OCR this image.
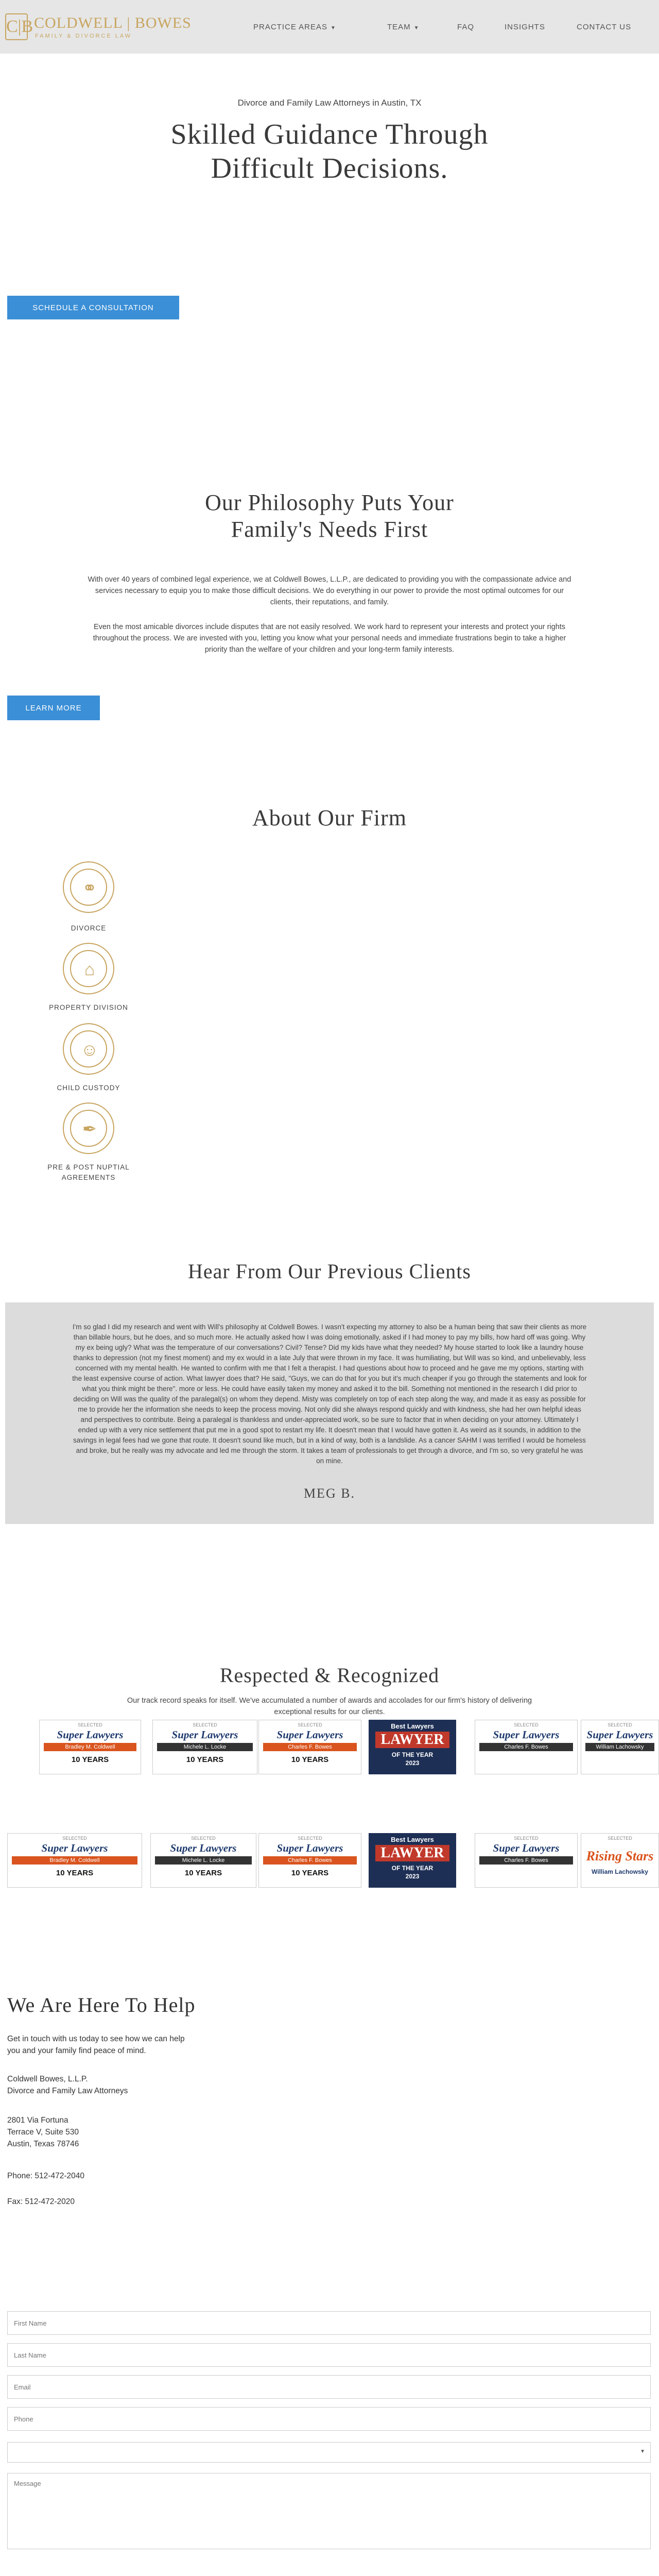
C|B COLDWELL | BOWES
FAMILY & DIVORCE LAW
PRACTICE AREAS ▼	TEAM ▼	FAQ	INSIGHTS	CONTACT US
Divorce and Family Law Attorneys in Austin, TX
Skilled Guidance Through
Difficult Decisions.
SCHEDULE A CONSULTATION
Our Philosophy Puts Your
Family's Needs First
With over 40 years of combined legal experience, we at Coldwell Bowes, L.L.P., are dedicated to providing you with the compassionate advice and services necessary to equip you to make those difficult decisions. We do everything in our power to provide the most optimal outcomes for our clients, their reputations, and family.
Even the most amicable divorces include disputes that are not easily resolved. We work hard to represent your interests and protect your rights throughout the process. We are invested with you, letting you know what your personal needs and immediate frustrations begin to take a higher priority than the welfare of your children and your long-term family interests.
LEARN MORE
About Our Firm
⚭
DIVORCE
⌂
PROPERTY DIVISION
☺
CHILD CUSTODY
✒
PRE & POST NUPTIAL AGREEMENTS
Hear From Our Previous Clients
I'm so glad I did my research and went with Will's philosophy at Coldwell Bowes. I wasn't expecting my attorney to also be a human being that saw their clients as more than billable hours, but he does, and so much more. He actually asked how I was doing emotionally, asked if I had money to pay my bills, how hard off was going. Why my ex being ugly? What was the temperature of our conversations? Civil? Tense? Did my kids have what they needed? My house started to look like a laundry house thanks to depression (not my finest moment) and my ex would in a late July that were thrown in my face. It was humiliating, but Will was so kind, and unbelievably, less concerned with my mental health. He wanted to confirm with me that I felt a therapist. I had questions about how to proceed and he gave me my options, starting with the least expensive course of action. What lawyer does that? He said, "Guys, we can do that for you but it's much cheaper if you go through the statements and look for what you think might be there". more or less. He could have easily taken my money and asked it to the bill. Something not mentioned in the research I did prior to deciding on Will was the quality of the paralegal(s) on whom they depend. Misty was completely on top of each step along the way, and made it as easy as possible for me to provide her the information she needs to keep the process moving. Not only did she always respond quickly and with kindness, she had her own helpful ideas and perspectives to contribute. Being a paralegal is thankless and under-appreciated work, so be sure to factor that in when deciding on your attorney. Ultimately I ended up with a very nice settlement that put me in a good spot to restart my life. It doesn't mean that I would have gotten it. As weird as it sounds, in addition to the savings in legal fees had we gone that route. It doesn't sound like much, but in a kind of way, both is a landslide. As a cancer SAHM I was terrified I would be homeless and broke, but he really was my advocate and led me through the storm. It takes a team of professionals to get through a divorce, and I'm so, so very grateful he was on mine.
MEG B.
Respected & Recognized
Our track record speaks for itself. We've accumulated a number of awards and accolades for our firm's history of delivering exceptional results for our clients.
SELECTED
Super Lawyers
Bradley M. Coldwell
10 YEARS
SELECTED
Super Lawyers
Michele L. Locke
10 YEARS
SELECTED
Super Lawyers
Charles F. Bowes
10 YEARS
Best Lawyers
LAWYER
OF THE YEAR
2023
SELECTED
Super Lawyers
Charles F. Bowes
SELECTED
Super Lawyers
William Lachowsky
SELECTED
Super Lawyers
Bradley M. Coldwell
10 YEARS
SELECTED
Super Lawyers
Michele L. Locke
10 YEARS
SELECTED
Super Lawyers
Charles F. Bowes
10 YEARS
Best Lawyers
LAWYER
OF THE YEAR
2023
SELECTED
Super Lawyers
Charles F. Bowes
SELECTED
Rising Stars
William Lachowsky
We Are Here To Help
Get in touch with us today to see how we can help
you and your family find peace of mind.
Coldwell Bowes, L.L.P.
Divorce and Family Law Attorneys
2801 Via Fortuna
Terrace V, Suite 530
Austin, Texas 78746
Phone: 512-472-2040
Fax: 512-472-2020
First Name
Last Name
Email
Phone
▼
Message
